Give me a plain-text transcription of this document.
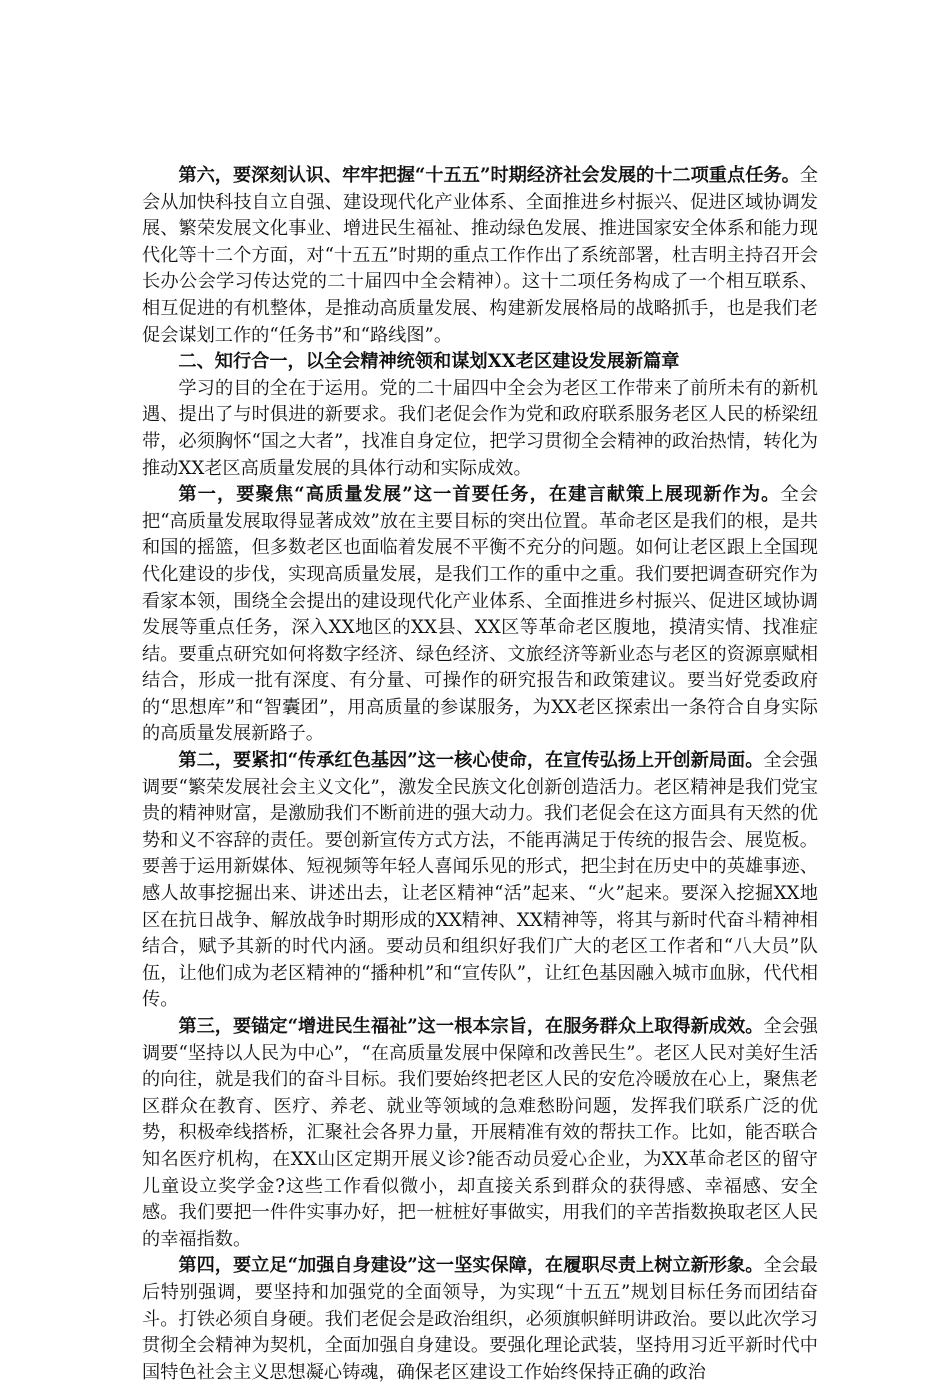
第六，要深刻认识、牢牢把握“十五五”时期经济社会发展的十二项重点任务。全会从加快科技自立自强、建设现代化产业体系、全面推进乡村振兴、促进区域协调发展、繁荣发展文化事业、增进民生福祉、推动绿色发展、推进国家安全体系和能力现代化等十二个方面，对“十五五”时期的重点工作作出了系统部署，杜吉明主持召开会长办公会学习传达党的二十届四中全会精神）。这十二项任务构成了一个相互联系、相互促进的有机整体，是推动高质量发展、构建新发展格局的战略抓手，也是我们老促会谋划工作的“任务书”和“路线图”。

二、知行合一，以全会精神统领和谋划XX老区建设发展新篇章

学习的目的全在于运用。党的二十届四中全会为老区工作带来了前所未有的新机遇、提出了与时俱进的新要求。我们老促会作为党和政府联系服务老区人民的桥梁纽带，必须胸怀“国之大者”，找准自身定位，把学习贯彻全会精神的政治热情，转化为推动XX老区高质量发展的具体行动和实际成效。

第一，要聚焦“高质量发展”这一首要任务，在建言献策上展现新作为。全会把“高质量发展取得显著成效”放在主要目标的突出位置。革命老区是我们的根，是共和国的摇篮，但多数老区也面临着发展不平衡不充分的问题。如何让老区跟上全国现代化建设的步伐，实现高质量发展，是我们工作的重中之重。我们要把调查研究作为看家本领，围绕全会提出的建设现代化产业体系、全面推进乡村振兴、促进区域协调发展等重点任务，深入XX地区的XX县、XX区等革命老区腹地，摸清实情、找准症结。要重点研究如何将数字经济、绿色经济、文旅经济等新业态与老区的资源禀赋相结合，形成一批有深度、有分量、可操作的研究报告和政策建议。要当好党委政府的“思想库”和“智囊团”，用高质量的参谋服务，为XX老区探索出一条符合自身实际的高质量发展新路子。

第二，要紧扣“传承红色基因”这一核心使命，在宣传弘扬上开创新局面。全会强调要“繁荣发展社会主义文化”，激发全民族文化创新创造活力。老区精神是我们党宝贵的精神财富，是激励我们不断前进的强大动力。我们老促会在这方面具有天然的优势和义不容辞的责任。要创新宣传方式方法，不能再满足于传统的报告会、展览板。要善于运用新媒体、短视频等年轻人喜闻乐见的形式，把尘封在历史中的英雄事迹、感人故事挖掘出来、讲述出去，让老区精神“活”起来、“火”起来。要深入挖掘XX地区在抗日战争、解放战争时期形成的XX精神、XX精神等，将其与新时代奋斗精神相结合，赋予其新的时代内涵。要动员和组织好我们广大的老区工作者和“八大员”队伍，让他们成为老区精神的“播种机”和“宣传队”，让红色基因融入城市血脉，代代相传。

第三，要锚定“增进民生福祉”这一根本宗旨，在服务群众上取得新成效。全会强调要“坚持以人民为中心”，“在高质量发展中保障和改善民生”。老区人民对美好生活的向往，就是我们的奋斗目标。我们要始终把老区人民的安危冷暖放在心上，聚焦老区群众在教育、医疗、养老、就业等领域的急难愁盼问题，发挥我们联系广泛的优势，积极牵线搭桥，汇聚社会各界力量，开展精准有效的帮扶工作。比如，能否联合知名医疗机构，在XX山区定期开展义诊?能否动员爱心企业，为XX革命老区的留守儿童设立奖学金?这些工作看似微小，却直接关系到群众的获得感、幸福感、安全感。我们要把一件件实事办好，把一桩桩好事做实，用我们的辛苦指数换取老区人民的幸福指数。

第四，要立足“加强自身建设”这一坚实保障，在履职尽责上树立新形象。全会最后特别强调，要坚持和加强党的全面领导，为实现“十五五”规划目标任务而团结奋斗。打铁必须自身硬。我们老促会是政治组织，必须旗帜鲜明讲政治。要以此次学习贯彻全会精神为契机，全面加强自身建设。要强化理论武装，坚持用习近平新时代中国特色社会主义思想凝心铸魂，确保老区建设工作始终保持正确的政治
